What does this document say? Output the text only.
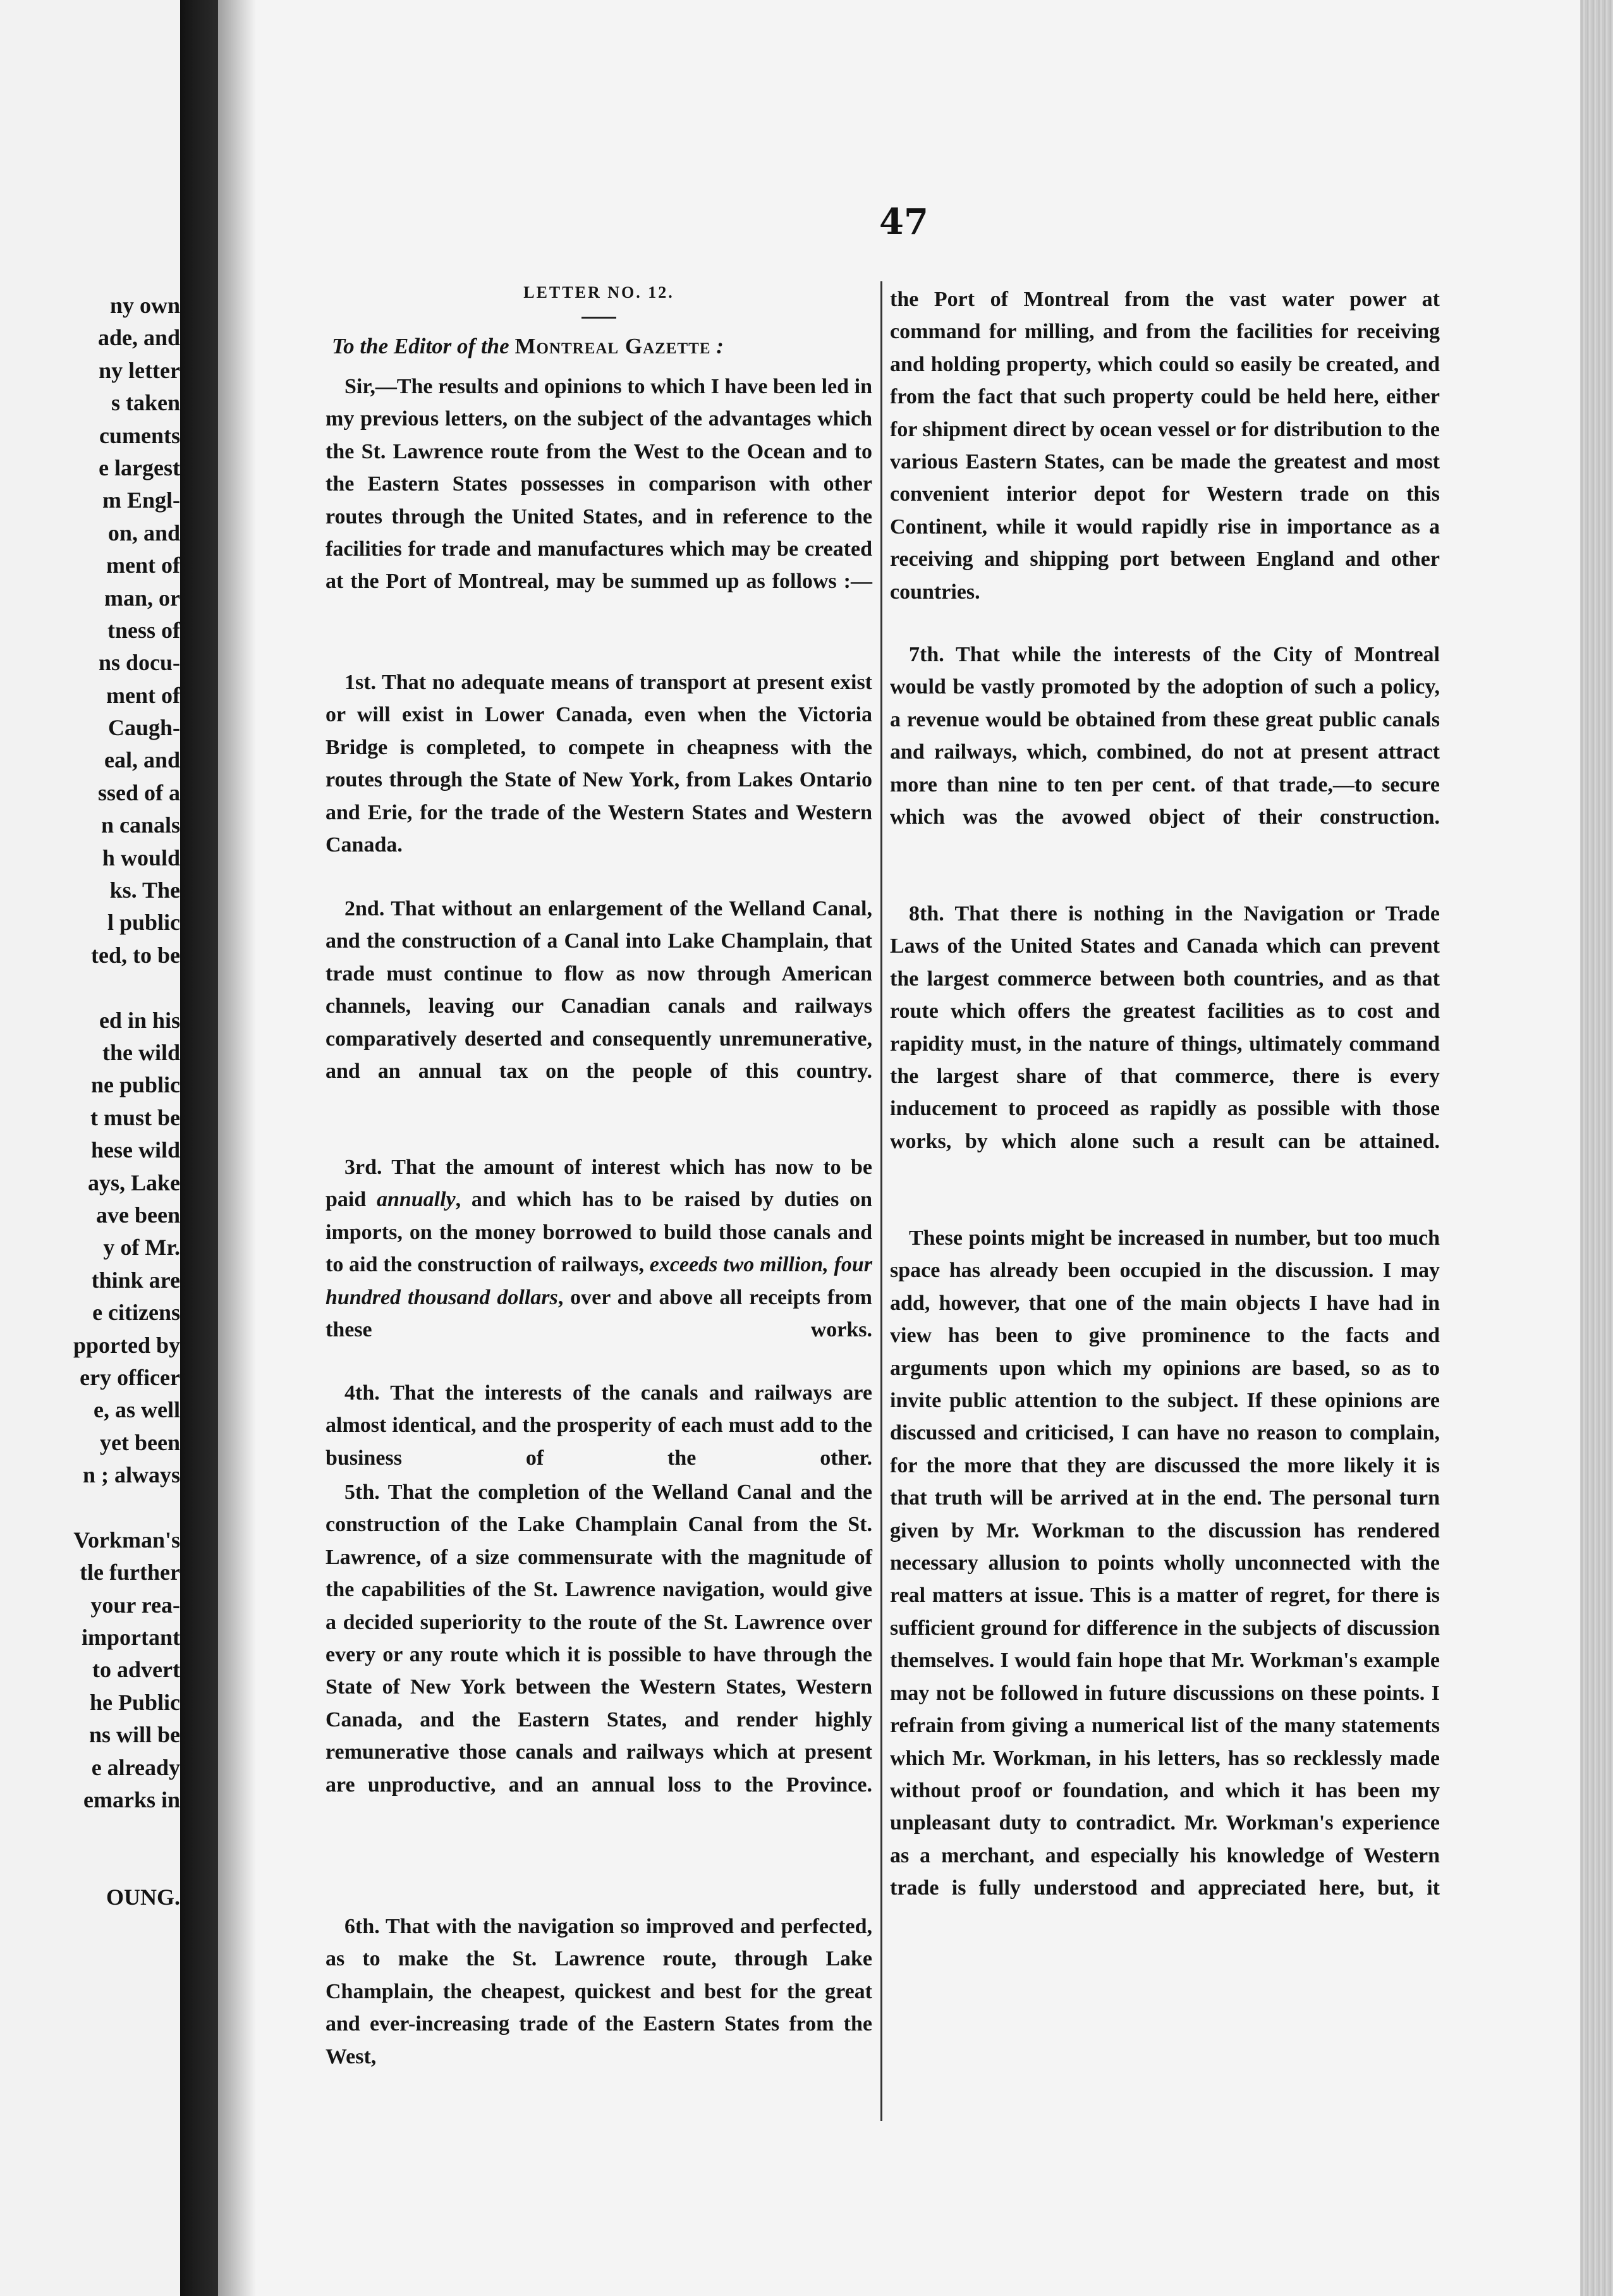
ny own
ade, and
ny letter
s taken
cuments
e largest
m Engl-
on, and
ment of
man, or
tness of
ns docu-
ment of
Caugh-
eal, and
ssed of a
n canals
h would
ks. The
l public
ted, to be
ed in his
the wild
ne public
t must be
hese wild
ays, Lake
ave been
y of Mr.
think are
e citizens
pported by
ery officer
e, as well
yet been
n ; always
Vorkman's
tle further
your rea-
important
to advert
he Public
ns will be
e already
emarks in
OUNG.
47
LETTER NO. 12.
To the Editor of the Montreal Gazette :
Sir,—The results and opinions to which I have been led in my previous letters, on the subject of the advantages which the St. Lawrence route from the West to the Ocean and to the Eastern States possesses in comparison with other routes through the United States, and in reference to the facilities for trade and manufactures which may be created at the Port of Montreal, may be summed up as follows :—
1st. That no adequate means of transport at present exist or will exist in Lower Canada, even when the Victoria Bridge is completed, to compete in cheapness with the routes through the State of New York, from Lakes Ontario and Erie, for the trade of the Western States and Western Canada.
2nd. That without an enlargement of the Welland Canal, and the construction of a Canal into Lake Champlain, that trade must continue to flow as now through American channels, leaving our Canadian canals and railways comparatively deserted and consequently unremunerative, and an annual tax on the people of this country.
3rd. That the amount of interest which has now to be paid annually, and which has to be raised by duties on imports, on the money borrowed to build those canals and to aid the construction of railways, exceeds two million, four hundred thousand dollars, over and above all receipts from these works.
4th. That the interests of the canals and railways are almost identical, and the prosperity of each must add to the business of the other.
5th. That the completion of the Welland Canal and the construction of the Lake Champlain Canal from the St. Lawrence, of a size commensurate with the magnitude of the capabilities of the St. Lawrence navigation, would give a decided superiority to the route of the St. Lawrence over every or any route which it is possible to have through the State of New York between the Western States, Western Canada, and the Eastern States, and render highly remunerative those canals and railways which at present are unproductive, and an annual loss to the Province.
6th. That with the navigation so improved and perfected, as to make the St. Lawrence route, through Lake Champlain, the cheapest, quickest and best for the great and ever-increasing trade of the Eastern States from the West,
the Port of Montreal from the vast water power at command for milling, and from the facilities for receiving and holding property, which could so easily be created, and from the fact that such property could be held here, either for shipment direct by ocean vessel or for distribution to the various Eastern States, can be made the greatest and most convenient interior depot for Western trade on this Continent, while it would rapidly rise in importance as a receiving and shipping port between England and other countries.
7th. That while the interests of the City of Montreal would be vastly promoted by the adoption of such a policy, a revenue would be obtained from these great public canals and railways, which, combined, do not at present attract more than nine to ten per cent. of that trade,—to secure which was the avowed object of their construction.
8th. That there is nothing in the Navigation or Trade Laws of the United States and Canada which can prevent the largest commerce between both countries, and as that route which offers the greatest facilities as to cost and rapidity must, in the nature of things, ultimately command the largest share of that commerce, there is every inducement to proceed as rapidly as possible with those works, by which alone such a result can be attained.
These points might be increased in number, but too much space has already been occupied in the discussion. I may add, however, that one of the main objects I have had in view has been to give prominence to the facts and arguments upon which my opinions are based, so as to invite public attention to the subject. If these opinions are discussed and criticised, I can have no reason to complain, for the more that they are discussed the more likely it is that truth will be arrived at in the end. The personal turn given by Mr. Workman to the discussion has rendered necessary allusion to points wholly unconnected with the real matters at issue. This is a matter of regret, for there is sufficient ground for difference in the subjects of discussion themselves. I would fain hope that Mr. Workman's example may not be followed in future discussions on these points. I refrain from giving a numerical list of the many statements which Mr. Workman, in his letters, has so recklessly made without proof or foundation, and which it has been my unpleasant duty to contradict. Mr. Workman's experience as a merchant, and especially his knowledge of Western trade is fully understood and appreciated here, but, it
